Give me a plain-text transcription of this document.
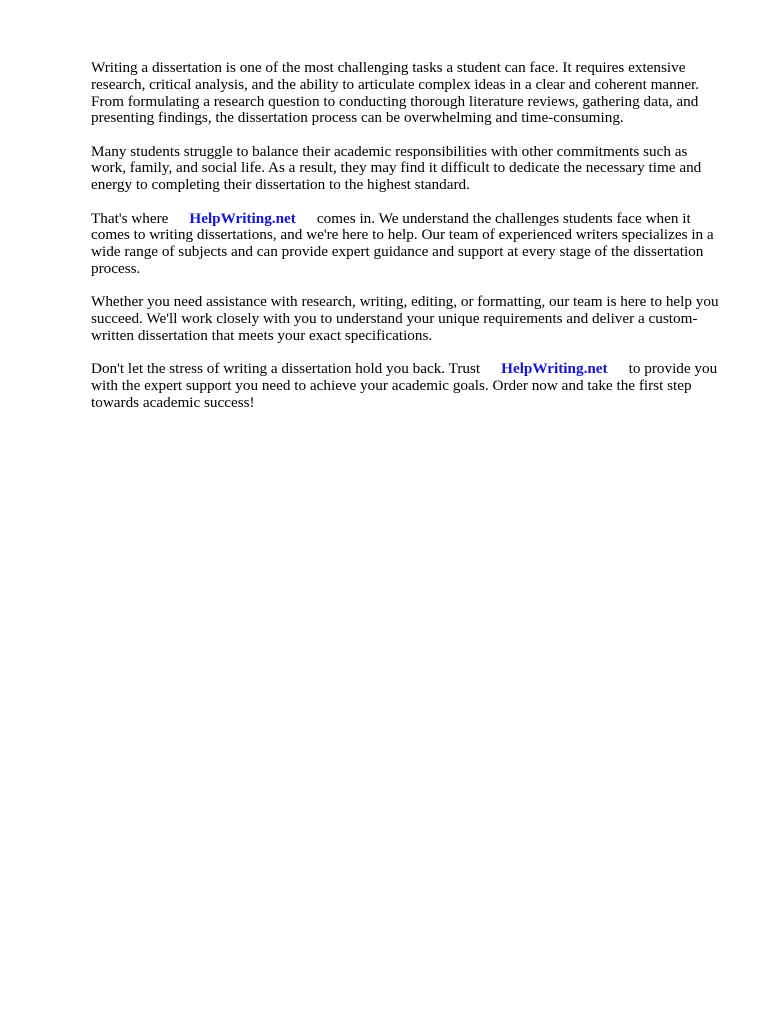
Writing a dissertation is one of the most challenging tasks a student can face. It requires extensive research, critical analysis, and the ability to articulate complex ideas in a clear and coherent manner. From formulating a research question to conducting thorough literature reviews, gathering data, and presenting findings, the dissertation process can be overwhelming and time-consuming.

Many students struggle to balance their academic responsibilities with other commitments such as work, family, and social life. As a result, they may find it difficult to dedicate the necessary time and energy to completing their dissertation to the highest standard.

That's where HelpWriting.net comes in. We understand the challenges students face when it comes to writing dissertations, and we're here to help. Our team of experienced writers specializes in a wide range of subjects and can provide expert guidance and support at every stage of the dissertation process.

Whether you need assistance with research, writing, editing, or formatting, our team is here to help you succeed. We'll work closely with you to understand your unique requirements and deliver a custom-written dissertation that meets your exact specifications.

Don't let the stress of writing a dissertation hold you back. Trust HelpWriting.net to provide you with the expert support you need to achieve your academic goals. Order now and take the first step towards academic success!
